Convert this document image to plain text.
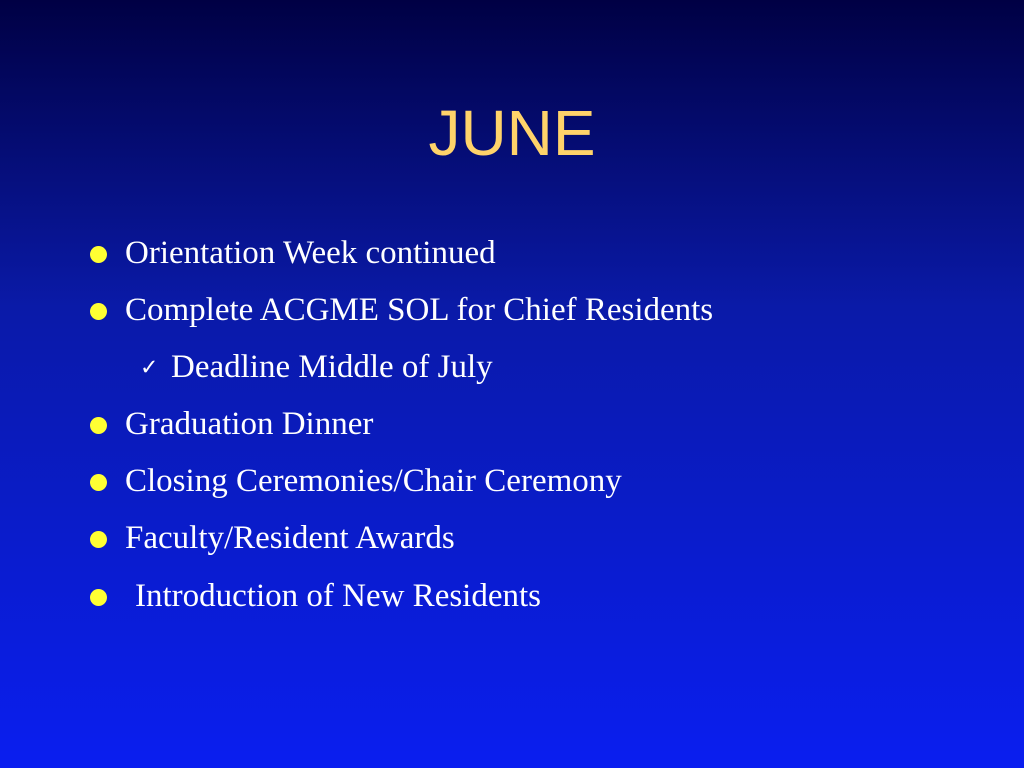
JUNE
Orientation Week continued
Complete ACGME SOL for Chief Residents
✓ Deadline Middle of July
Graduation Dinner
Closing Ceremonies/Chair Ceremony
Faculty/Resident Awards
Introduction of New Residents
